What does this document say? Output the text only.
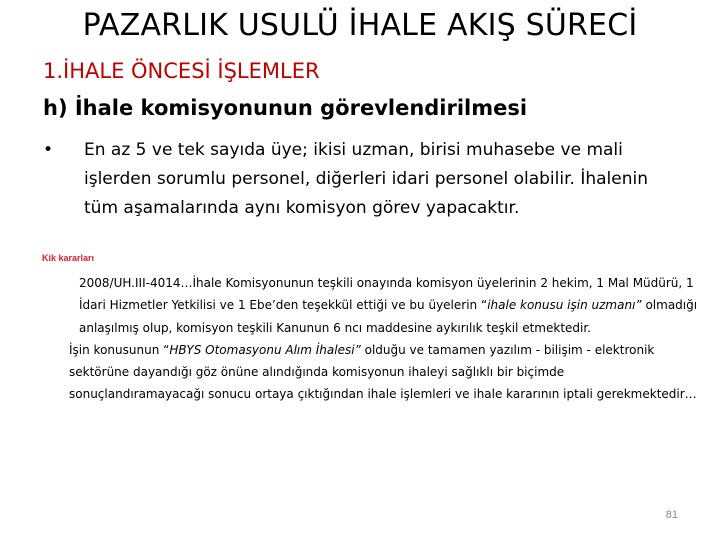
PAZARLIK USULÜ İHALE AKIŞ SÜRECİ
1.İHALE ÖNCESİ İŞLEMLER
h) İhale komisyonunun görevlendirilmesi
• En az 5 ve tek sayıda üye; ikisi uzman, birisi muhasebe ve mali işlerden sorumlu personel, diğerleri idari personel olabilir. İhalenin tüm aşamalarında aynı komisyon görev yapacaktır.
Kik kararları

2008/UH.III-4014…İhale Komisyonunun teşkili onayında komisyon üyelerinin 2 hekim, 1 Mal Müdürü, 1 İdari Hizmetler Yetkilisi ve 1 Ebe’den teşekkül ettiği ve bu üyelerin “ihale konusu işin uzmanı” olmadığı anlaşılmış olup, komisyon teşkili Kanunun 6 ncı maddesine aykırılık teşkil etmektedir.

İşin konusunun “HBYS Otomasyonu Alım İhalesi” olduğu ve tamamen yazılım - bilişim - elektronik sektörüne dayandığı göz önüne alındığında komisyonun ihaleyi sağlıklı bir biçimde sonuçlandıramayacağı sonucu ortaya çıktığından ihale işlemleri ve ihale kararının iptali gerekmektedir…

81
